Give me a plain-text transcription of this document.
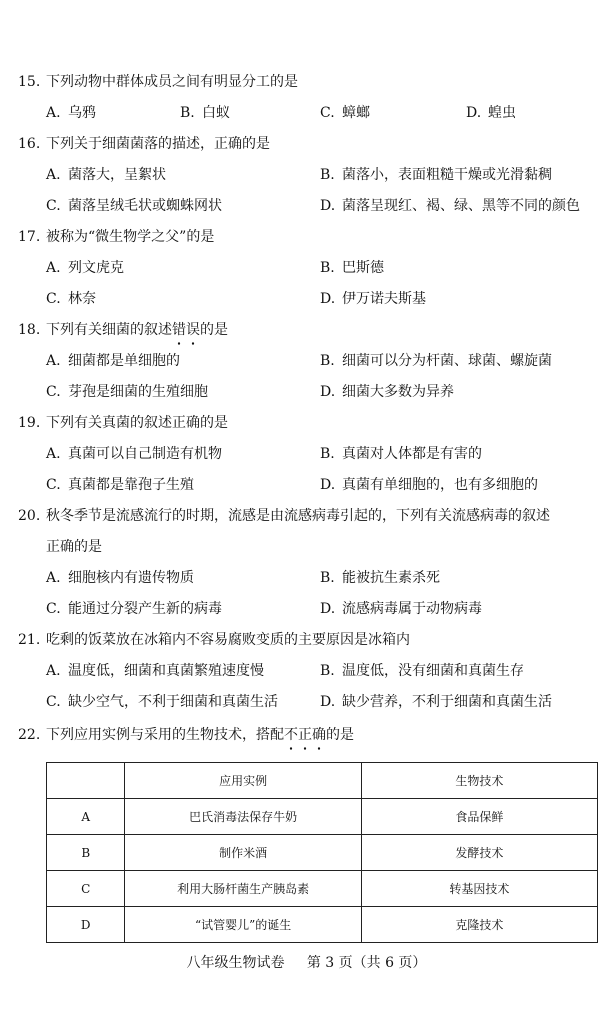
15. 下列动物中群体成员之间有明显分工的是
A. 乌鸦	B. 白蚁	C. 蟑螂	D. 蝗虫
16. 下列关于细菌菌落的描述，正确的是
A. 菌落大，呈絮状	B. 菌落小，表面粗糙干燥或光滑黏稠
C. 菌落呈绒毛状或蜘蛛网状	D. 菌落呈现红、褐、绿、黑等不同的颜色
17. 被称为“微生物学之父”的是
A. 列文虎克	B. 巴斯德
C. 林奈	D. 伊万诺夫斯基
18. 下列有关细菌的叙述错误的是
A. 细菌都是单细胞的	B. 细菌可以分为杆菌、球菌、螺旋菌
C. 芽孢是细菌的生殖细胞	D. 细菌大多数为异养
19. 下列有关真菌的叙述正确的是
A. 真菌可以自己制造有机物	B. 真菌对人体都是有害的
C. 真菌都是靠孢子生殖	D. 真菌有单细胞的，也有多细胞的
20. 秋冬季节是流感流行的时期，流感是由流感病毒引起的，下列有关流感病毒的叙述
正确的是
A. 细胞核内有遗传物质	B. 能被抗生素杀死
C. 能通过分裂产生新的病毒	D. 流感病毒属于动物病毒
21. 吃剩的饭菜放在冰箱内不容易腐败变质的主要原因是冰箱内
A. 温度低，细菌和真菌繁殖速度慢	B. 温度低，没有细菌和真菌生存
C. 缺少空气，不利于细菌和真菌生活	D. 缺少营养，不利于细菌和真菌生活
22. 下列应用实例与采用的生物技术，搭配不正确的是
	应用实例	生物技术
A	巴氏消毒法保存牛奶	食品保鲜
B	制作米酒	发酵技术
C	利用大肠杆菌生产胰岛素	转基因技术
D	“试管婴儿”的诞生	克隆技术
八年级生物试卷 第 3 页（共 6 页）
